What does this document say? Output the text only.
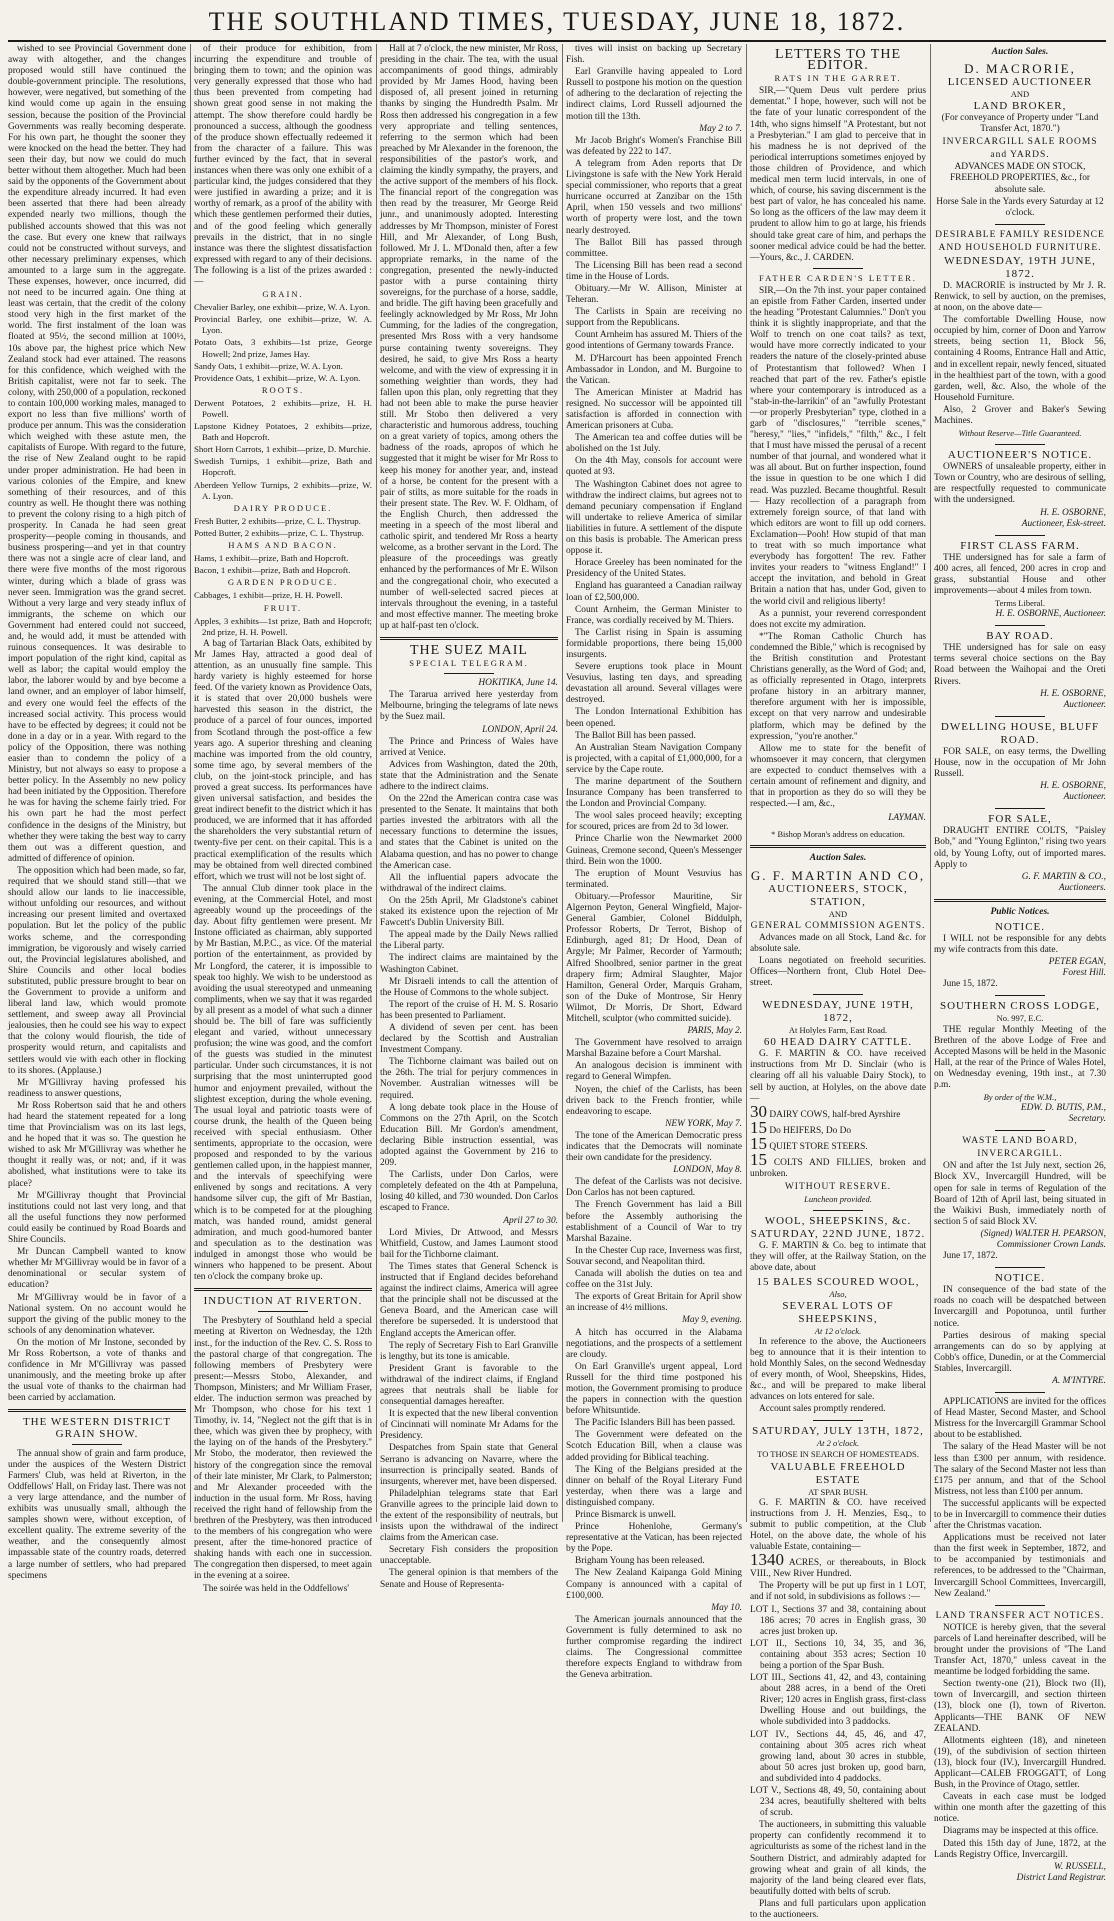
THE SOUTHLAND TIMES, TUESDAY, JUNE 18, 1872.

wished to see Provincial Government done away with altogether, and the changes proposed would still have continued the double-government principle. The resolutions, however, were negatived, but something of the kind would come up again in the ensuing session, because the position of the Provincial Governments was really becoming desperate. For his own part, he thought the sooner they were knocked on the head the better. They had seen their day, but now we could do much better without them altogether. Much had been said by the opponents of the Government about the expenditure already incurred. It had even been asserted that there had been already expended nearly two millions, though the published accounts showed that this was not the case. But every one knew that railways could not be constructed without surveys, and other necessary preliminary expenses, which amounted to a large sum in the aggregate. These expenses, however, once incurred, did not need to be incurred again. One thing at least was certain, that the credit of the colony stood very high in the first market of the world. The first instalment of the loan was floated at 95½, the second million at 100½, 10s above par, the highest price which New Zealand stock had ever attained. The reasons for this confidence, which weighed with the British capitalist, were not far to seek. The colony, with 250,000 of a population, reckoned to contain 100,000 working males, managed to export no less than five millions' worth of produce per annum. This was the consideration which weighed with these astute men, the capitalists of Europe. With regard to the future, the rise of New Zealand ought to be rapid under proper administration. He had been in various colonies of the Empire, and knew something of their resources, and of this country as well. He thought there was nothing to prevent the colony rising to a high pitch of prosperity. In Canada he had seen great prosperity—people coming in thousands, and business prospering—and yet in that country there was not a single acre of clear land, and there were five months of the most rigorous winter, during which a blade of grass was never seen. Immigration was the grand secret. Without a very large and very steady influx of immigrants, the scheme on which our Government had entered could not succeed, and, he would add, it must be attended with ruinous consequences. It was desirable to import population of the right kind, capital as well as labor; the capital would employ the labor, the laborer would by and bye become a land owner, and an employer of labor himself, and every one would feel the effects of the increased social activity. This process would have to be effected by degrees; it could not be done in a day or in a year. With regard to the policy of the Opposition, there was nothing easier than to condemn the policy of a Ministry, but not always so easy to propose a better policy. In the Assembly no new policy had been initiated by the Opposition. Therefore he was for having the scheme fairly tried. For his own part he had the most perfect confidence in the designs of the Ministry, but whether they were taking the best way to carry them out was a different question, and admitted of difference of opinion.

The opposition which had been made, so far, required that we should stand still—that we should allow our lands to lie inaccessible, without unfolding our resources, and without increasing our present limited and overtaxed population. But let the policy of the public works scheme, and the corresponding immigration, be vigorously and wisely carried out, the Provincial legislatures abolished, and Shire Councils and other local bodies substituted, public pressure brought to bear on the Government to provide a uniform and liberal land law, which would promote settlement, and sweep away all Provincial jealousies, then he could see his way to expect that the colony would flourish, the tide of prosperity would return, and capitalists and settlers would vie with each other in flocking to its shores. (Applause.)

Mr M'Gillivray having professed his readiness to answer questions,

Mr Ross Robertson said that he and others had heard the statement repeated for a long time that Provincialism was on its last legs, and he hoped that it was so. The question he wished to ask Mr M'Gillivray was whether he thought it really was, or not; and, if it was abolished, what institutions were to take its place?

Mr M'Gillivray thought that Provincial institutions could not last very long, and that all the useful functions they now performed could easily be continued by Road Boards and Shire Councils.

Mr Duncan Campbell wanted to know whether Mr M'Gillivray would be in favor of a denominational or secular system of education?

Mr M'Gillivray would be in favor of a National system. On no account would he support the giving of the public money to the schools of any denomination whatever.

On the motion of Mr Instone, seconded by Mr Ross Robertson, a vote of thanks and confidence in Mr M'Gillivray was passed unanimously, and the meeting broke up after the usual vote of thanks to the chairman had been carried by acclamation.

THE WESTERN DISTRICT GRAIN SHOW.

The annual show of grain and farm produce, under the auspices of the Western District Farmers' Club, was held at Riverton, in the Oddfellows' Hall, on Friday last. There was not a very large attendance, and the number of exhibits was unusually small, although the samples shown were, without exception, of excellent quality. The extreme severity of the weather, and the consequently almost impassable state of the country roads, deterred a large number of settlers, who had prepared specimens

of their produce for exhibition, from incurring the expenditure and trouble of bringing them to town; and the opinion was very generally expressed that those who had thus been prevented from competing had shown great good sense in not making the attempt. The show therefore could hardly be pronounced a success, although the goodness of the produce shown effectually redeemed it from the character of a failure. This was further evinced by the fact, that in several instances when there was only one exhibit of a particular kind, the judges considered that they were justified in awarding a prize; and it is worthy of remark, as a proof of the ability with which these gentlemen performed their duties, and of the good feeling which generally prevails in the district, that in no single instance was there the slightest dissatisfaction expressed with regard to any of their decisions. The following is a list of the prizes awarded :—

GRAIN.

Chevalier Barley, one exhibit—prize, W. A. Lyon.

Provincial Barley, one exhibit—prize, W. A. Lyon.

Potato Oats, 3 exhibits—1st prize, George Howell; 2nd prize, James Hay.

Sandy Oats, 1 exhibit—prize, W. A. Lyon.

Providence Oats, 1 exhibit—prize, W. A. Lyon.

ROOTS.

Derwent Potatoes, 2 exhibits—prize, H. H. Powell.

Lapstone Kidney Potatoes, 2 exhibits—prize, Bath and Hopcroft.

Short Horn Carrots, 1 exhibit—prize, D. Murchie.

Swedish Turnips, 1 exhibit—prize, Bath and Hopcroft.

Aberdeen Yellow Turnips, 2 exhibits—prize, W. A. Lyon.

DAIRY PRODUCE.

Fresh Butter, 2 exhibits—prize, C. L. Thystrup.

Potted Butter, 2 exhibits—prize, C. L. Thystrup.

HAMS AND BACON.

Hams, 1 exhibit—prize, Bath and Hopcroft.

Bacon, 1 exhibit—prize, Bath and Hopcroft.

GARDEN PRODUCE.

Cabbages, 1 exhibit—prize, H. H. Powell.

FRUIT.

Apples, 3 exhibits—1st prize, Bath and Hopcroft; 2nd prize, H. H. Powell.

A bag of Tartarian Black Oats, exhibited by Mr James Hay, attracted a good deal of attention, as an unusually fine sample. This hardy variety is highly esteemed for horse feed. Of the variety known as Providence Oats, it is stated that over 20,000 bushels were harvested this season in the district, the produce of a parcel of four ounces, imported from Scotland through the post-office a few years ago. A superior threshing and cleaning machine was imported from the old country, some time ago, by several members of the club, on the joint-stock principle, and has proved a great success. Its performances have given universal satisfaction, and besides the great indirect benefit to the district which it has produced, we are informed that it has afforded the shareholders the very substantial return of twenty-five per cent. on their capital. This is a practical exemplification of the results which may be obtained from well directed combined effort, which we trust will not be lost sight of.

The annual Club dinner took place in the evening, at the Commercial Hotel, and most agreeably wound up the proceedings of the day. About fifty gentlemen were present. Mr Instone officiated as chairman, ably supported by Mr Bastian, M.P.C., as vice. Of the material portion of the entertainment, as provided by Mr Longford, the caterer, it is impossible to speak too highly. We wish to be understood as avoiding the usual stereotyped and unmeaning compliments, when we say that it was regarded by all present as a model of what such a dinner should be. The bill of fare was sufficiently elegant and varied, without unnecessary profusion; the wine was good, and the comfort of the guests was studied in the minutest particular. Under such circumstances, it is not surprising that the most uninterrupted good humor and enjoyment prevailed, without the slightest exception, during the whole evening. The usual loyal and patriotic toasts were of course drunk, the health of the Queen being received with special enthusiasm. Other sentiments, appropriate to the occasion, were proposed and responded to by the various gentlemen called upon, in the happiest manner, and the intervals of speechifying were enlivened by songs and recitations. A very handsome silver cup, the gift of Mr Bastian, which is to be competed for at the ploughing match, was handed round, amidst general admiration, and much good-humored banter and speculation as to the destination was indulged in amongst those who would be winners who happened to be present. About ten o'clock the company broke up.

INDUCTION AT RIVERTON.

The Presbytery of Southland held a special meeting at Riverton on Wednesday, the 12th inst., for the induction of the Rev. C. S. Ross to the pastoral charge of that congregation. The following members of Presbytery were present:—Messrs Stobo, Alexander, and Thompson, Ministers; and Mr William Fraser, elder. The induction sermon was preached by Mr Thompson, who chose for his text 1 Timothy, iv. 14, "Neglect not the gift that is in thee, which was given thee by prophecy, with the laying on of the hands of the Presbytery." Mr Stobo, the moderator, then reviewed the history of the congregation since the removal of their late minister, Mr Clark, to Palmerston; and Mr Alexander proceeded with the induction in the usual form. Mr Ross, having received the right hand of fellowship from the brethren of the Presbytery, was then introduced to the members of his congregation who were present, after the time-honored practice of shaking hands with each one in succession. The congregation then dispersed, to meet again in the evening at a soiree.

The soirée was held in the Oddfellows'

Hall at 7 o'clock, the new minister, Mr Ross, presiding in the chair. The tea, with the usual accompaniments of good things, admirably provided by Mr James Hood, having been disposed of, all present joined in returning thanks by singing the Hundredth Psalm. Mr Ross then addressed his congregation in a few very appropriate and telling sentences, referring to the sermon which had been preached by Mr Alexander in the forenoon, the responsibilities of the pastor's work, and claiming the kindly sympathy, the prayers, and the active support of the members of his flock. The financial report of the congregation was then read by the treasurer, Mr George Reid junr., and unanimously adopted. Interesting addresses by Mr Thompson, minister of Forest Hill, and Mr Alexander, of Long Bush, followed. Mr J. L. M'Donald then, after a few appropriate remarks, in the name of the congregation, presented the newly-inducted pastor with a purse containing thirty sovereigns, for the purchase of a horse, saddle, and bridle. The gift having been gracefully and feelingly acknowledged by Mr Ross, Mr John Cumming, for the ladies of the congregation, presented Mrs Ross with a very handsome purse containing twenty sovereigns. They desired, he said, to give Mrs Ross a hearty welcome, and with the view of expressing it in something weightier than words, they had fallen upon this plan, only regretting that they had not been able to make the purse heavier still. Mr Stobo then delivered a very characteristic and humorous address, touching on a great variety of topics, among others the badness of the roads, apropos of which he suggested that it might be wiser for Mr Ross to keep his money for another year, and, instead of a horse, be content for the present with a pair of stilts, as more suitable for the roads in their present state. The Rev. W. F. Oldham, of the English Church, then addressed the meeting in a speech of the most liberal and catholic spirit, and tendered Mr Ross a hearty welcome, as a brother servant in the Lord. The pleasure of the proceedings was greatly enhanced by the performances of Mr E. Wilson and the congregational choir, who executed a number of well-selected sacred pieces at intervals throughout the evening, in a tasteful and most effective manner. The meeting broke up at half-past ten o'clock.

THE SUEZ MAIL
SPECIAL TELEGRAM.

HOKITIKA, June 14.

The Tararua arrived here yesterday from Melbourne, bringing the telegrams of late news by the Suez mail.

LONDON, April 24.

The Prince and Princess of Wales have arrived at Venice.

Advices from Washington, dated the 20th, state that the Administration and the Senate adhere to the indirect claims.

On the 22nd the American contra case was presented to the Senate. It maintains that both parties invested the arbitrators with all the necessary functions to determine the issues, and states that the Cabinet is united on the Alabama question, and has no power to change the American case.

All the influential papers advocate the withdrawal of the indirect claims.

On the 25th April, Mr Gladstone's cabinet staked its existence upon the rejection of Mr Fawcett's Dublin University Bill.

The appeal made by the Daily News rallied the Liberal party.

The indirect claims are maintained by the Washington Cabinet.

Mr Disraeli intends to call the attention of the House of Commons to the whole subject.

The report of the cruise of H. M. S. Rosario has been presented to Parliament.

A dividend of seven per cent. has been declared by the Scottish and Australian Investment Company.

The Tichborne claimant was bailed out on the 26th. The trial for perjury commences in November. Australian witnesses will be required.

A long debate took place in the House of Commons on the 27th April, on the Scotch Education Bill. Mr Gordon's amendment, declaring Bible instruction essential, was adopted against the Government by 216 to 209.

The Carlists, under Don Carlos, were completely defeated on the 4th at Pampeluna, losing 40 killed, and 730 wounded. Don Carlos escaped to France.

April 27 to 30.

Lord Mivies, Dr Attwood, and Messrs Whitfield, Custow, and James Laumont stood bail for the Tichborne claimant.

The Times states that General Schenck is instructed that if England decides beforehand against the indirect claims, America will agree that the principle shall not be discussed at the Geneva Board, and the American case will therefore be superseded. It is understood that England accepts the American offer.

The reply of Secretary Fish to Earl Granville is lengthy, but its tone is amicable.

President Grant is favorable to the withdrawal of the indirect claims, if England agrees that neutrals shall be liable for consequential damages hereafter.

It is expected that the new liberal convention of Cincinnati will nominate Mr Adams for the Presidency.

Despatches from Spain state that General Serrano is advancing on Navarre, where the insurrection is principally seated. Bands of insurgents, wherever met, have been dispersed.

Philadelphian telegrams state that Earl Granville agrees to the principle laid down to the extent of the responsibility of neutrals, but insists upon the withdrawal of the indirect claims from the American case.

Secretary Fish considers the proposition unacceptable.

The general opinion is that members of the Senate and House of Representa-

tives will insist on backing up Secretary Fish.

Earl Granville having appealed to Lord Russell to postpone his motion on the question of adhering to the declaration of rejecting the indirect claims, Lord Russell adjourned the motion till the 13th.

May 2 to 7.

Mr Jacob Bright's Women's Franchise Bill was defeated by 222 to 147.

A telegram from Aden reports that Dr Livingstone is safe with the New York Herald special commissioner, who reports that a great hurricane occurred at Zanzibar on the 15th April, when 150 vessels and two millions' worth of property were lost, and the town nearly destroyed.

The Ballot Bill has passed through committee.

The Licensing Bill has been read a second time in the House of Lords.

Obituary.—Mr W. Allison, Minister at Teheran.

The Carlists in Spain are receiving no support from the Republicans.

Count Arnheim has assured M. Thiers of the good intentions of Germany towards France.

M. D'Harcourt has been appointed French Ambassador in London, and M. Burgoine to the Vatican.

The American Minister at Madrid has resigned. No successor will be appointed till satisfaction is afforded in connection with American prisoners at Cuba.

The American tea and coffee duties will be abolished on the 1st July.

On the 4th May, consols for account were quoted at 93.

The Washington Cabinet does not agree to withdraw the indirect claims, but agrees not to demand pecuniary compensation if England will undertake to relieve America of similar liabilities in future. A settlement of the dispute on this basis is probable. The American press oppose it.

Horace Greeley has been nominated for the Presidency of the United States.

England has guaranteed a Canadian railway loan of £2,500,000.

Count Arnheim, the German Minister to France, was cordially received by M. Thiers.

The Carlist rising in Spain is assuming formidable proportions, there being 15,000 insurgents.

Severe eruptions took place in Mount Vesuvius, lasting ten days, and spreading devastation all around. Several villages were destroyed.

The London International Exhibition has been opened.

The Ballot Bill has been passed.

An Australian Steam Navigation Company is projected, with a capital of £1,000,000, for a service by the Cape route.

The marine department of the Southern Insurance Company has been transferred to the London and Provincial Company.

The wool sales proceed heavily; excepting for scoured, prices are from 2d to 3d lower.

Prince Charlie won the Newmarket 2000 Guineas, Cremone second, Queen's Messenger third. Bein won the 1000.

The eruption of Mount Vesuvius has terminated.

Obituary.—Professor Mauritine, Sir Algernon Peyton, General Wingfield, Major-General Gambier, Colonel Biddulph, Professor Roberts, Dr Terrot, Bishop of Edinburgh, aged 81; Dr Hood, Dean of Argyle; Mr Palmer, Recorder of Yarmouth; Alfred Shoolbred, senior partner in the great drapery firm; Admiral Slaughter, Major Hamilton, General Order, Marquis Graham, son of the Duke of Montrose, Sir Henry Wilmot, Dr Morris, Dr Short, Edward Mitchell, sculptor (who committed suicide).

PARIS, May 2.

The Government have resolved to arraign Marshal Bazaine before a Court Marshal.

An analogous decision is imminent with regard to General Wimpfen.

Noyen, the chief of the Carlists, has been driven back to the French frontier, while endeavoring to escape.

NEW YORK, May 7.

The tone of the American Democratic press indicates that the Democrats will nominate their own candidate for the presidency.

LONDON, May 8.

The defeat of the Carlists was not decisive. Don Carlos has not been captured.

The French Government has laid a Bill before the Assembly authorising the establishment of a Council of War to try Marshal Bazaine.

In the Chester Cup race, Inverness was first, Souvar second, and Neapolitan third.

Canada will abolish the duties on tea and coffee on the 31st July.

The exports of Great Britain for April show an increase of 4½ millions.

May 9, evening.

A hitch has occurred in the Alabama negotiations, and the prospects of a settlement are cloudy.

On Earl Granville's urgent appeal, Lord Russell for the third time postponed his motion, the Government promising to produce the papers in connection with the question before Whitsuntide.

The Pacific Islanders Bill has been passed.

The Government were defeated on the Scotch Education Bill, when a clause was added providing for Biblical teaching.

The King of the Belgians presided at the dinner on behalf of the Royal Literary Fund yesterday, when there was a large and distinguished company.

Prince Bismarck is unwell.

Prince Hohenlohe, Germany's representative at the Vatican, has been rejected by the Pope.

Brigham Young has been released.

The New Zealand Kaipanga Gold Mining Company is announced with a capital of £100,000.

May 10.

The American journals announced that the Government is fully determined to ask no further compromise regarding the indirect claims. The Congressional committee therefore expects England to withdraw from the Geneva arbitration.

LETTERS TO THE EDITOR.
RATS IN THE GARRET.

SIR,—"Quem Deus vult perdere prius dementat." I hope, however, such will not be the fate of your lunatic correspondent of the 14th, who signs himself "A Protestant, but not a Presbyterian." I am glad to perceive that in his madness he is not deprived of the periodical interruptions sometimes enjoyed by those children of Providence, and which medical men term lucid intervals, in one of which, of course, his saving discernment is the best part of valor, he has concealed his name. So long as the officers of the law may deem it prudent to allow him to go at large, his friends should take great care of him, and perhaps the sooner medical advice could be had the better.—Yours, &c., J. CARDEN.

FATHER CARDEN'S LETTER.

SIR,—On the 7th inst. your paper contained an epistle from Father Carden, inserted under the heading "Protestant Calumnies." Don't you think it is slightly inappropriate, and that the Wolf to trench on one coat tails? as text, would have more correctly indicated to your readers the nature of the closely-printed abuse of Protestantism that followed? When I reached that part of the rev. Father's epistle where your contemporary is introduced as a "stab-in-the-larrikin" of an "awfully Protestant—or properly Presbyterian" type, clothed in a garb of "disclosures," "terrible scenes," "heresy," "lies," "infidels," "filth," &c., I felt that I must have missed the perusal of a recent number of that journal, and wondered what it was all about. But on further inspection, found the issue in question to be one which I did read. Was puzzled. Became thoughtful. Result — Hazy recollection of a paragraph from extremely foreign source, of that land with which editors are wont to fill up odd corners. Exclamation—Pooh! How stupid of that man to treat with so much importance what everybody has forgotten! The rev. Father invites your readers to "witness England!" I accept the invitation, and behold in Great Britain a nation that has, under God, given to the world civil and religious liberty!

As a punnist, your reverend correspondent does not excite my admiration.

*"The Roman Catholic Church has condemned the Bible," which is recognised by the British constitution and Protestant Christians generally, as the Word of God; and, as officially represented in Otago, interprets profane history in an arbitrary manner, therefore argument with her is impossible, except on that very narrow and undesirable platform, which may be defined by the expression, "you're another."

Allow me to state for the benefit of whomsoever it may concern, that clergymen are expected to conduct themselves with a certain amount of refinement and dignity, and that in proportion as they do so will they be respected.—I am, &c.,

LAYMAN.

* Bishop Moran's address on education.

Auction Sales.
G. F. MARTIN AND CO,
AUCTIONEERS, STOCK, STATION,
AND
GENERAL COMMISSION AGENTS.

Advances made on all Stock, Land &c. for absolute sale.

Loans negotiated on freehold securities. Offices—Northern front, Club Hotel Dee-street.

WEDNESDAY, JUNE 19TH, 1872,
At Holyles Farm, East Road.
60 HEAD DAIRY CATTLE.

G. F. MARTIN & CO. have received instructions from Mr D. Sinclair (who is clearing off all his valuable Dairy Stock), to sell by auction, at Holyles, on the above date—

30 DAIRY COWS, half-bred Ayrshire

15 Do HEIFERS, Do Do

15 QUIET STORE STEERS.

15 COLTS AND FILLIES, broken and unbroken.

WITHOUT RESERVE.
Luncheon provided.
WOOL, SHEEPSKINS, &c.
SATURDAY, 22ND JUNE, 1872.

G. F. MARTIN & Co. beg to intimate that they will offer, at the Railway Station, on the above date, about

15 BALES SCOURED WOOL,
Also,
SEVERAL LOTS OF SHEEPSKINS,
At 12 o'clock.

In reference to the above, the Auctioneers beg to announce that it is their intention to hold Monthly Sales, on the second Wednesday of every month, of Wool, Sheepskins, Hides, &c., and will be prepared to make liberal advances on lots entered for sale.

Account sales promptly rendered.

SATURDAY, JULY 13TH, 1872,
At 2 o'clock.
TO THOSE IN SEARCH OF HOMESTEADS.
VALUABLE FREEHOLD ESTATE
AT SPAR BUSH.

G. F. MARTIN & CO. have received instructions from J. H. Menzies, Esq., to submit to public competition, at the Club Hotel, on the above date, the whole of his valuable Estate, containing—

1340 ACRES, or thereabouts, in Block VIII., New River Hundred.

The Property will be put up first in 1 LOT, and if not sold, in subdivisions as follows :—

LOT I., Sections 37 and 38, containing about 186 acres; 70 acres in English grass, 30 acres just broken up.

LOT II., Sections 10, 34, 35, and 36, containing about 353 acres; Section 10 being a portion of the Spar Bush.

LOT III., Sections 41, 42, and 43, containing about 288 acres, in a bend of the Oreti River; 120 acres in English grass, first-class Dwelling House and out buildings, the whole subdivided into 3 paddocks.

LOT IV., Sections 44, 45, 46, and 47, containing about 305 acres rich wheat growing land, about 30 acres in stubble, about 50 acres just broken up, good barn, and subdivided into 4 paddocks.

LOT V., Sections 48, 49, 50, containing about 234 acres, beautifully sheltered with belts of scrub.

The auctioneers, in submitting this valuable property can confidently recommend it to agriculturists as some of the richest land in the Southern District, and admirably adapted for growing wheat and grain of all kinds, the majority of the land being cleared ever flats, beautifully dotted with belts of scrub.

Plans and full particulars upon application to the auctioneers.

Auction Sales.
D. MACRORIE,
LICENSED AUCTIONEER
AND
LAND BROKER,

(For conveyance of Property under "Land Transfer Act, 1870.")

INVERCARGILL SALE ROOMS and YARDS.

ADVANCES MADE ON STOCK, FREEHOLD PROPERTIES, &c., for absolute sale.

Horse Sale in the Yards every Saturday at 12 o'clock.

DESIRABLE FAMILY RESIDENCE AND HOUSEHOLD FURNITURE.
WEDNESDAY, 19TH JUNE, 1872.

D. MACRORIE is instructed by Mr J. R. Renwick, to sell by auction, on the premises, at noon, on the above date—

The comfortable Dwelling House, now occupied by him, corner of Doon and Yarrow streets, being section 11, Block 56, containing 4 Rooms, Entrance Hall and Attic, and in excellent repair, newly fenced, situated in the healthiest part of the town, with a good garden, well, &c. Also, the whole of the Household Furniture.

Also, 2 Grover and Baker's Sewing Machines.

Without Reserve—Title Guaranteed.
AUCTIONEER'S NOTICE.

OWNERS of unsaleable property, either in Town or Country, who are desirous of selling, are respectfully requested to communicate with the undersigned.

H. E. OSBORNE,
Auctioneer, Esk-street.
FIRST CLASS FARM.

THE undersigned has for sale a farm of 400 acres, all fenced, 200 acres in crop and grass, substantial House and other improvements—about 4 miles from town.

Terms Liberal.
H. E. OSBORNE, Auctioneer.
BAY ROAD.

THE undersigned has for sale on easy terms several choice sections on the Bay Road between the Waihopai and the Oreti Rivers.

H. E. OSBORNE,
Auctioneer.
DWELLING HOUSE, BLUFF ROAD.

FOR SALE, on easy terms, the Dwelling House, now in the occupation of Mr John Russell.

H. E. OSBORNE,
Auctioneer.
FOR SALE,

DRAUGHT ENTIRE COLTS, "Paisley Bob," and "Young Eglinton," rising two years old, by Young Lofty, out of imported mares. Apply to

G. F. MARTIN & CO.,
Auctioneers.
Public Notices.
NOTICE.

I WILL not be responsible for any debts my wife contracts from this date.

PETER EGAN,
Forest Hill.

June 15, 1872.

SOUTHERN CROSS LODGE,
No. 997, E.C.

THE regular Monthly Meeting of the Brethren of the above Lodge of Free and Accepted Masons will be held in the Masonic Hall, at the rear of the Prince of Wales Hotel, on Wednesday evening, 19th inst., at 7.30 p.m.

By order of the W.M.,
EDW. D. BUTIS, P.M.,
Secretary.
WASTE LAND BOARD, INVERCARGILL.

ON and after the 1st July next, section 26, Block XV., Invercargill Hundred, will be open for sale in terms of Regulation of the Board of 12th of April last, being situated in the Waikivi Bush, immediately north of section 5 of said Block XV.

(Signed) WALTER H. PEARSON,
Commissioner Crown Lands.

June 17, 1872.

NOTICE.

IN consequence of the bad state of the roads no coach will be despatched between Invercargill and Popotunoa, until further notice.

Parties desirous of making special arrangements can do so by applying at Cobb's office, Dunedin, or at the Commercial Stables, Invercargill.

A. M'INTYRE.

APPLICATIONS are invited for the offices of Head Master, Second Master, and School Mistress for the Invercargill Grammar School about to be established.

The salary of the Head Master will be not less than £300 per annum, with residence. The salary of the Second Master not less than £175 per annum, and that of the School Mistress, not less than £100 per annum.

The successful applicants will be expected to be in Invercargill to commence their duties after the Christmas vacation.

Applications must be received not later than the first week in September, 1872, and to be accompanied by testimonials and references, to be addressed to the "Chairman, Invercargill School Committees, Invercargill, New Zealand."

LAND TRANSFER ACT NOTICES.

NOTICE is hereby given, that the several parcels of Land hereinafter described, will be brought under the provisions of "The Land Transfer Act, 1870," unless caveat in the meantime be lodged forbidding the same.

Section twenty-one (21), Block two (II), town of Invercargill, and section thirteen (13), block one (I), town of Riverton. Applicants—THE BANK OF NEW ZEALAND.

Allotments eighteen (18), and nineteen (19), of the subdivision of section thirteen (13), block four (IV.), Invercargill Hundred. Applicant—CALEB FROGGATT, of Long Bush, in the Province of Otago, settler.

Caveats in each case must be lodged within one month after the gazetting of this notice.

Diagrams may be inspected at this office.

Dated this 15th day of June, 1872, at the Lands Registry Office, Invercargill.

W. RUSSELL,
District Land Registrar.
